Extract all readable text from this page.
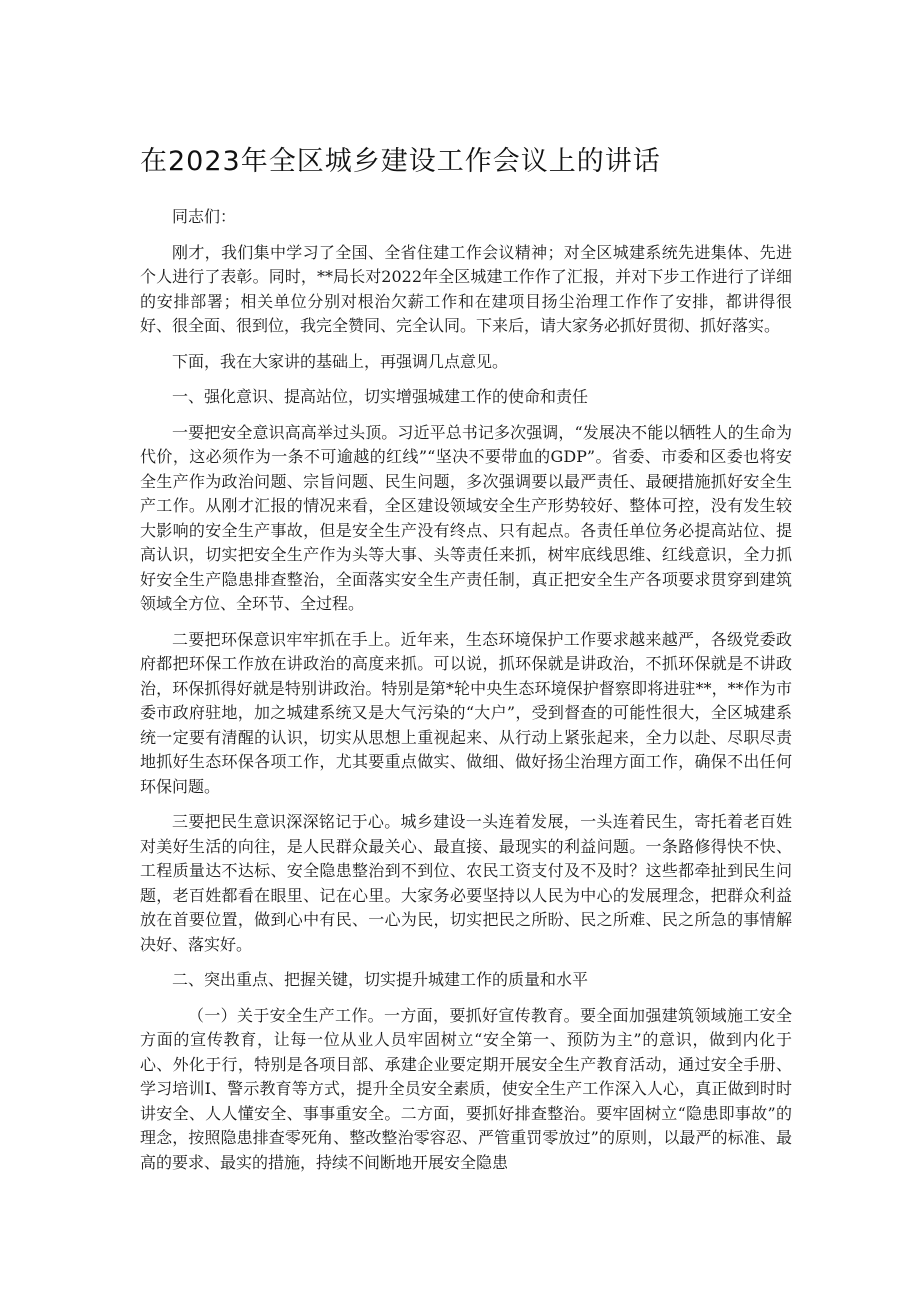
在2023年全区城乡建设工作会议上的讲话

同志们：

刚才，我们集中学习了全国、全省住建工作会议精神；对全区城建系统先进集体、先进个人进行了表彰。同时，**局长对2022年全区城建工作作了汇报，并对下步工作进行了详细的安排部署；相关单位分别对根治欠薪工作和在建项目扬尘治理工作作了安排，都讲得很好、很全面、很到位，我完全赞同、完全认同。下来后，请大家务必抓好贯彻、抓好落实。

下面，我在大家讲的基础上，再强调几点意见。

一、强化意识、提高站位，切实增强城建工作的使命和责任

一要把安全意识高高举过头顶。习近平总书记多次强调，“发展决不能以牺牲人的生命为代价，这必须作为一条不可逾越的红线”“坚决不要带血的GDP”。省委、市委和区委也将安全生产作为政治问题、宗旨问题、民生问题，多次强调要以最严责任、最硬措施抓好安全生产工作。从刚才汇报的情况来看，全区建设领域安全生产形势较好、整体可控，没有发生较大影响的安全生产事故，但是安全生产没有终点、只有起点。各责任单位务必提高站位、提高认识，切实把安全生产作为头等大事、头等责任来抓，树牢底线思维、红线意识，全力抓好安全生产隐患排查整治，全面落实安全生产责任制，真正把安全生产各项要求贯穿到建筑领域全方位、全环节、全过程。

二要把环保意识牢牢抓在手上。近年来，生态环境保护工作要求越来越严，各级党委政府都把环保工作放在讲政治的高度来抓。可以说，抓环保就是讲政治，不抓环保就是不讲政治，环保抓得好就是特别讲政治。特别是第*轮中央生态环境保护督察即将进驻**，**作为市委市政府驻地，加之城建系统又是大气污染的“大户”，受到督查的可能性很大，全区城建系统一定要有清醒的认识，切实从思想上重视起来、从行动上紧张起来，全力以赴、尽职尽责地抓好生态环保各项工作，尤其要重点做实、做细、做好扬尘治理方面工作，确保不出任何环保问题。

三要把民生意识深深铭记于心。城乡建设一头连着发展，一头连着民生，寄托着老百姓对美好生活的向往，是人民群众最关心、最直接、最现实的利益问题。一条路修得快不快、工程质量达不达标、安全隐患整治到不到位、农民工资支付及不及时？这些都牵扯到民生问题，老百姓都看在眼里、记在心里。大家务必要坚持以人民为中心的发展理念，把群众利益放在首要位置，做到心中有民、一心为民，切实把民之所盼、民之所难、民之所急的事情解决好、落实好。

二、突出重点、把握关键，切实提升城建工作的质量和水平

（一）关于安全生产工作。一方面，要抓好宣传教育。要全面加强建筑领域施工安全方面的宣传教育，让每一位从业人员牢固树立“安全第一、预防为主”的意识，做到内化于心、外化于行，特别是各项目部、承建企业要定期开展安全生产教育活动，通过安全手册、学习培训I、警示教育等方式，提升全员安全素质，使安全生产工作深入人心，真正做到时时讲安全、人人懂安全、事事重安全。二方面，要抓好排查整治。要牢固树立“隐患即事故”的理念，按照隐患排查零死角、整改整治零容忍、严管重罚零放过”的原则，以最严的标准、最高的要求、最实的措施，持续不间断地开展安全隐患
